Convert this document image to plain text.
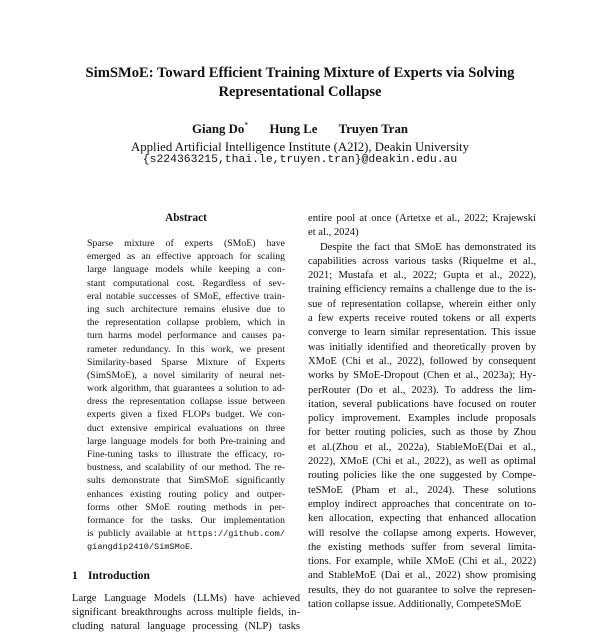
SimSMoE: Toward Efficient Training Mixture of Experts via Solving
Representational Collapse

Giang Do* Hung Le Truyen Tran
Applied Artificial Intelligence Institute (A2I2), Deakin University
{s224363215,thai.le,truyen.tran}@deakin.edu.au
Abstract
Sparse mixture of experts (SMoE) have
emerged as an effective approach for scaling
large language models while keeping a con-
stant computational cost. Regardless of sev-
eral notable successes of SMoE, effective train-
ing such architecture remains elusive due to
the representation collapse problem, which in
turn harms model performance and causes pa-
rameter redundancy. In this work, we present
Similarity-based Sparse Mixture of Experts
(SimSMoE), a novel similarity of neural net-
work algorithm, that guarantees a solution to ad-
dress the representation collapse issue between
experts given a fixed FLOPs budget. We con-
duct extensive empirical evaluations on three
large language models for both Pre-training and
Fine-tuning tasks to illustrate the efficacy, ro-
bustness, and scalability of our method. The re-
sults demonstrate that SimSMoE significantly
enhances existing routing policy and outper-
forms other SMoE routing methods in per-
formance for the tasks. Our implementation
is publicly available at https://github.com/
giangdip2410/SimSMoE.
1 Introduction
Large Language Models (LLMs) have achieved
significant breakthroughs across multiple fields, in-
cluding natural language processing (NLP) tasks
entire pool at once (Artetxe et al., 2022; Krajewski
et al., 2024)
Despite the fact that SMoE has demonstrated its
capabilities across various tasks (Riquelme et al.,
2021; Mustafa et al., 2022; Gupta et al., 2022),
training efficiency remains a challenge due to the is-
sue of representation collapse, wherein either only
a few experts receive routed tokens or all experts
converge to learn similar representation. This issue
was initially identified and theoretically proven by
XMoE (Chi et al., 2022), followed by consequent
works by SMoE-Dropout (Chen et al., 2023a); Hy-
perRouter (Do et al., 2023). To address the lim-
itation, several publications have focused on router
policy improvement. Examples include proposals
for better routing policies, such as those by Zhou
et al.(Zhou et al., 2022a), StableMoE(Dai et al.,
2022), XMoE (Chi et al., 2022), as well as optimal
routing policies like the one suggested by Compe-
teSMoE (Pham et al., 2024). These solutions
employ indirect approaches that concentrate on to-
ken allocation, expecting that enhanced allocation
will resolve the collapse among experts. However,
the existing methods suffer from several limita-
tions. For example, while XMoE (Chi et al., 2022)
and StableMoE (Dai et al., 2022) show promising
results, they do not guarantee to solve the represen-
tation collapse issue. Additionally, CompeteSMoE
